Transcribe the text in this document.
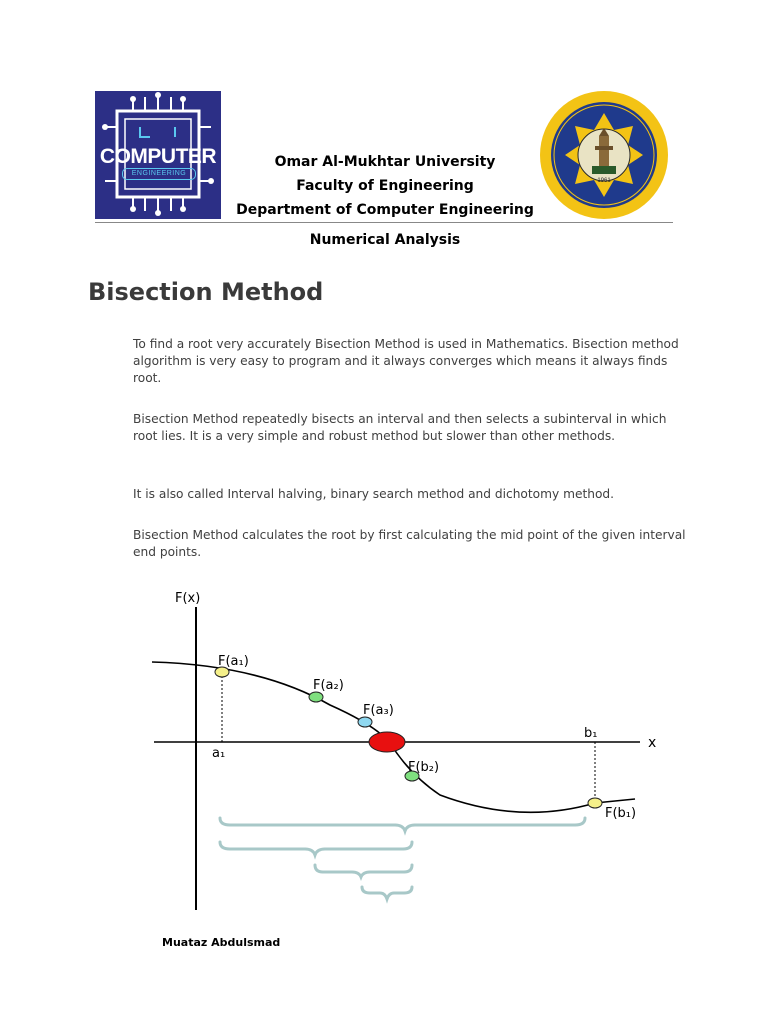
COMPUTER
ENGINEERING
1961
Omar Al-Mukhtar University
Faculty of Engineering
Department of Computer Engineering
Numerical Analysis
Bisection Method

To find a root very accurately Bisection Method is used in Mathematics. Bisection method algorithm is very easy to program and it always converges which means it always finds root.

Bisection Method repeatedly bisects an interval and then selects a subinterval in which root lies. It is a very simple and robust method but slower than other methods.

It is also called Interval halving, binary search method and dichotomy method.

Bisection Method calculates the root by first calculating the mid point of the given interval end points.

F(x)
x
F(a₁)
F(a₂)
F(a₃)
F(b₂)
F(b₁)
a₁
b₁
Muataz Abdulsmad
